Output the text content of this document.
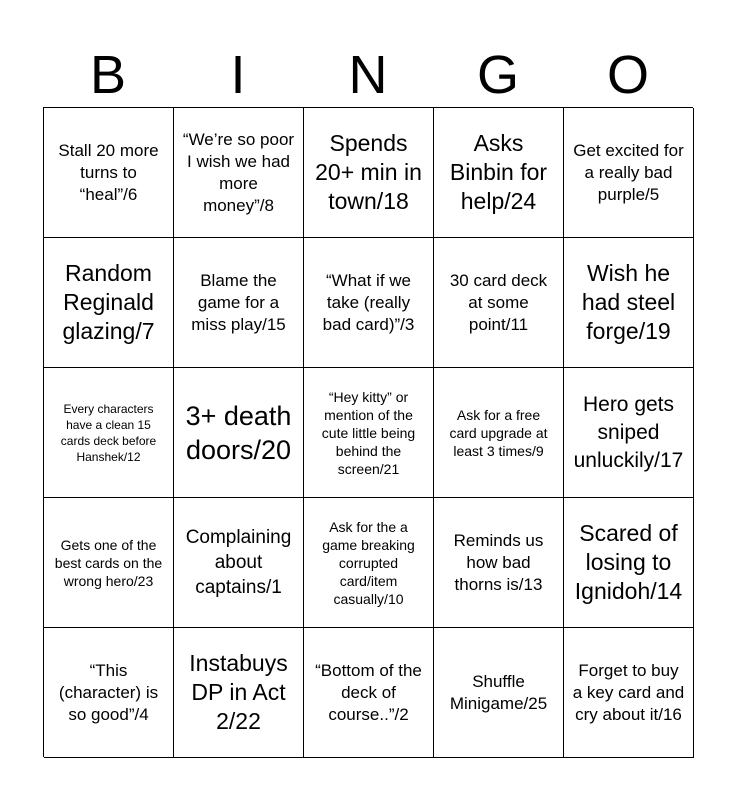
B	I	N	G	O
Stall 20 more turns to “heal”/6
“We’re so poor I wish we had more money”/8
Spends 20+ min in town/18
Asks Binbin for help/24
Get excited for a really bad purple/5
Random Reginald glazing/7
Blame the game for a miss play/15
“What if we take (really bad card)”/3
30 card deck at some point/11
Wish he had steel forge/19
Every characters have a clean 15 cards deck before Hanshek/12
3+ death doors/20
“Hey kitty” or mention of the cute little being behind the screen/21
Ask for a free card upgrade at least 3 times/9
Hero gets sniped unluckily/17
Gets one of the best cards on the wrong hero/23
Complaining about captains/1
Ask for the a game breaking corrupted card/item casually/10
Reminds us how bad thorns is/13
Scared of losing to Ignidoh/14
“This (character) is so good”/4
Instabuys DP in Act 2/22
“Bottom of the deck of course..”/2
Shuffle Minigame/25
Forget to buy a key card and cry about it/16
